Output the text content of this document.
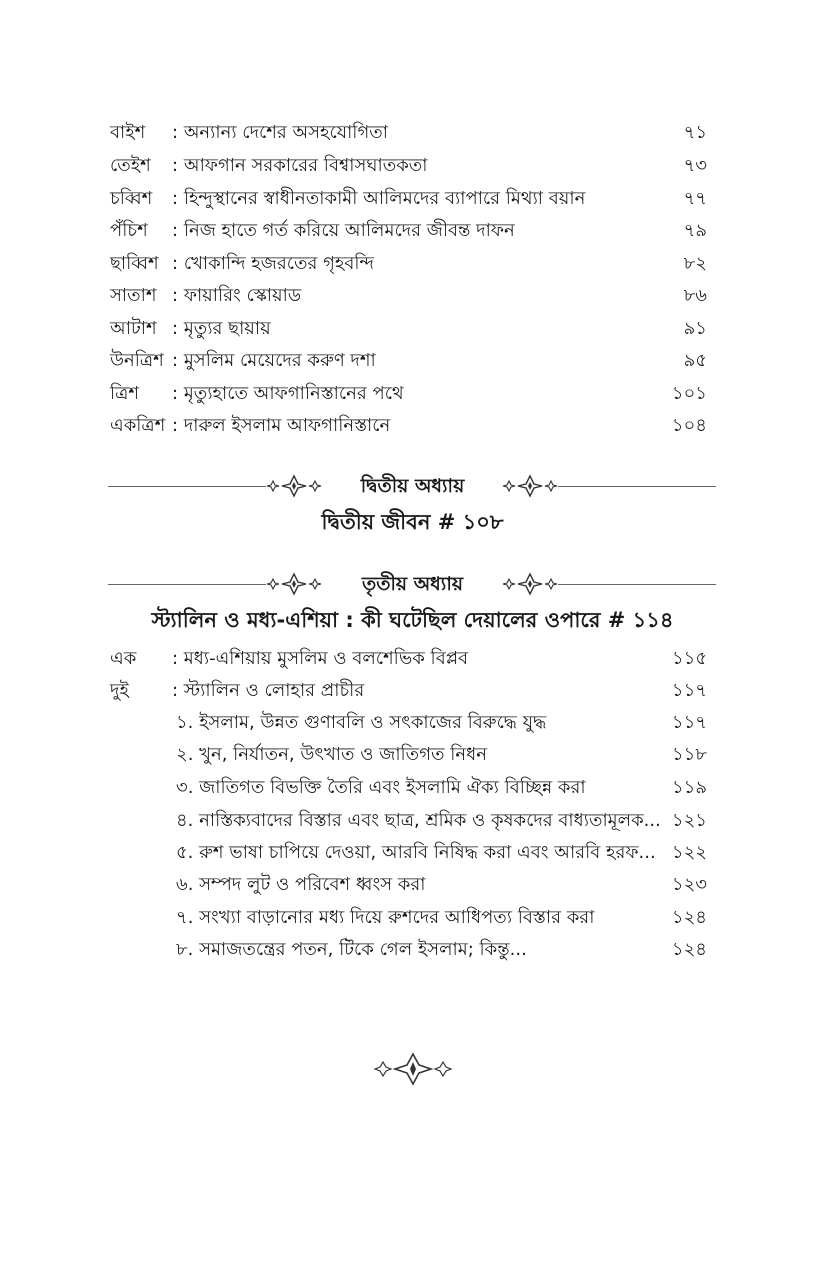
বাইশ : অন্যান্য দেশের অসহযোগিতা	৭১
তেইশ : আফগান সরকারের বিশ্বাসঘাতকতা	৭৩
চব্বিশ : হিন্দুস্থানের স্বাধীনতাকামী আলিমদের ব্যাপারে মিথ্যা বয়ান	৭৭
পঁচিশ : নিজ হাতে গর্ত করিয়ে আলিমদের জীবন্ত দাফন	৭৯
ছাব্বিশ : খোকান্দি হজরতের গৃহবন্দি	৮২
সাতাশ : ফায়ারিং স্কোয়াড	৮৬
আটাশ : মৃত্যুর ছায়ায়	৯১
উনত্রিশ : মুসলিম মেয়েদের করুণ দশা	৯৫
ত্রিশ : মৃত্যুহাতে আফগানিস্তানের পথে	১০১
একত্রিশ : দারুল ইসলাম আফগানিস্তানে	১০৪
দ্বিতীয় অধ্যায়
দ্বিতীয় জীবন # ১০৮
তৃতীয় অধ্যায়
স্ট্যালিন ও মধ্য-এশিয়া : কী ঘটেছিল দেয়ালের ওপারে # ১১৪
এক : মধ্য-এশিয়ায় মুসলিম ও বলশেভিক বিপ্লব	১১৫
দুই : স্ট্যালিন ও লোহার প্রাচীর	১১৭
১. ইসলাম, উন্নত গুণাবলি ও সৎকাজের বিরুদ্ধে যুদ্ধ	১১৭
২. খুন, নির্যাতন, উৎখাত ও জাতিগত নিধন	১১৮
৩. জাতিগত বিভক্তি তৈরি এবং ইসলামি ঐক্য বিচ্ছিন্ন করা	১১৯
৪. নাস্তিক্যবাদের বিস্তার এবং ছাত্র, শ্রমিক ও কৃষকদের বাধ্যতামূলক... ১২১
৫. রুশ ভাষা চাপিয়ে দেওয়া, আরবি নিষিদ্ধ করা এবং আরবি হরফ... ১২২
৬. সম্পদ লুট ও পরিবেশ ধ্বংস করা	১২৩
৭. সংখ্যা বাড়ানোর মধ্য দিয়ে রুশদের আধিপত্য বিস্তার করা	১২৪
৮. সমাজতন্ত্রের পতন, টিকে গেল ইসলাম; কিন্তু...	১২৪
